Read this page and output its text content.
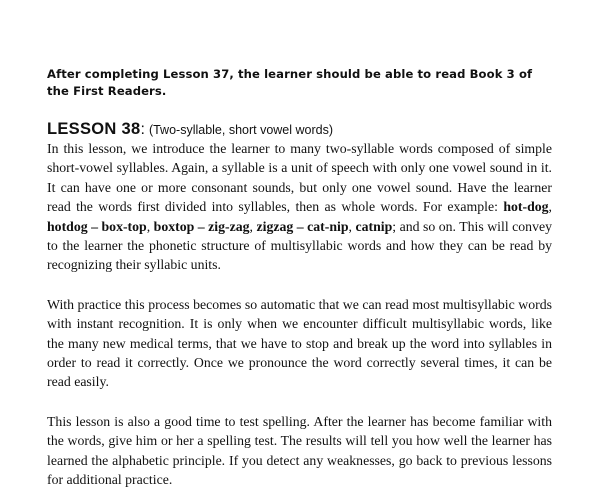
After completing Lesson 37, the learner should be able to read Book 3 of the First Readers.

LESSON 38: (Two-syllable, short vowel words)

In this lesson, we introduce the learner to many two-syllable words composed of simple short-vowel syllables. Again, a syllable is a unit of speech with only one vowel sound in it. It can have one or more consonant sounds, but only one vowel sound. Have the learner read the words first divided into syllables, then as whole words. For example: hot-dog, hotdog – box-top, boxtop – zig-zag, zigzag – cat-nip, catnip; and so on. This will convey to the learner the phonetic structure of multisyllabic words and how they can be read by recognizing their syllabic units.

With practice this process becomes so automatic that we can read most multisyllabic words with instant recognition. It is only when we encounter difficult multisyllabic words, like the many new medical terms, that we have to stop and break up the word into syllables in order to read it correctly. Once we pronounce the word correctly several times, it can be read easily.

This lesson is also a good time to test spelling. After the learner has become familiar with the words, give him or her a spelling test. The results will tell you how well the learner has learned the alphabetic principle. If you detect any weaknesses, go back to previous lessons for additional practice.
